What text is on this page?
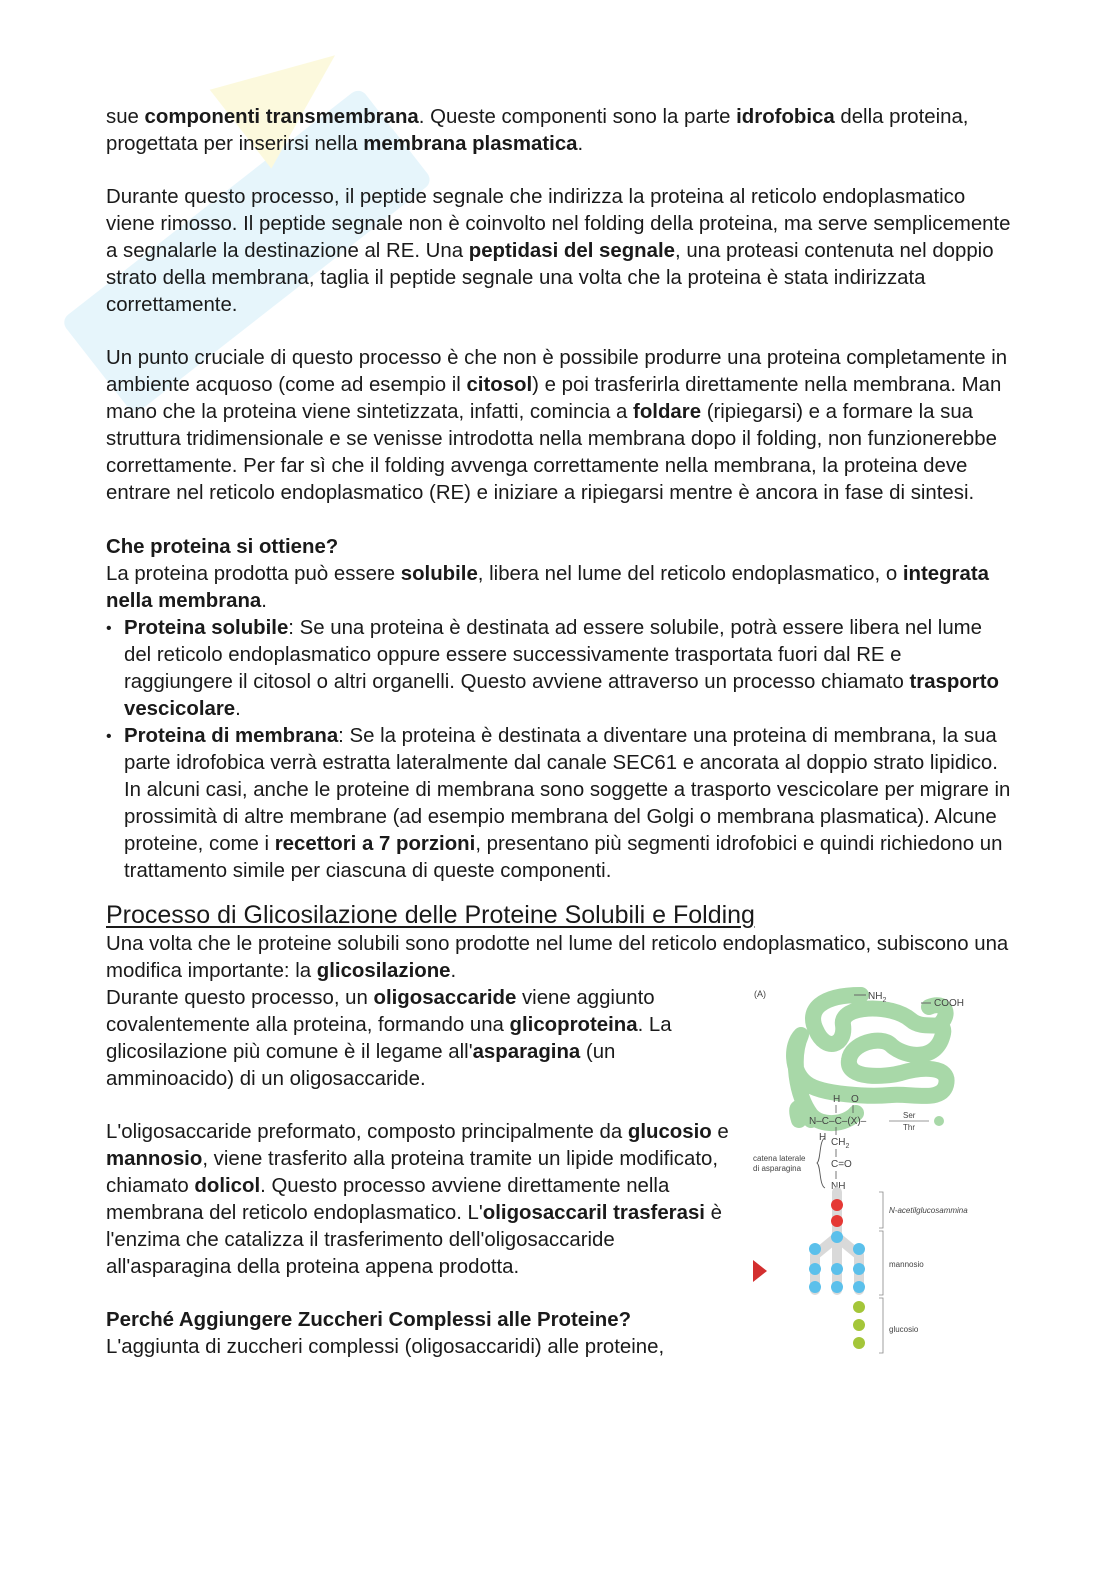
sue componenti transmembrana. Queste componenti sono la parte idrofobica della proteina, progettata per inserirsi nella membrana plasmatica.

Durante questo processo, il peptide segnale che indirizza la proteina al reticolo endoplasmatico viene rimosso. Il peptide segnale non è coinvolto nel folding della proteina, ma serve semplicemente a segnalarle la destinazione al RE. Una peptidasi del segnale, una proteasi contenuta nel doppio strato della membrana, taglia il peptide segnale una volta che la proteina è stata indirizzata correttamente.

Un punto cruciale di questo processo è che non è possibile produrre una proteina completamente in ambiente acquoso (come ad esempio il citosol) e poi trasferirla direttamente nella membrana. Man mano che la proteina viene sintetizzata, infatti, comincia a foldare (ripiegarsi) e a formare la sua struttura tridimensionale e se venisse introdotta nella membrana dopo il folding, non funzionerebbe correttamente. Per far sì che il folding avvenga correttamente nella membrana, la proteina deve entrare nel reticolo endoplasmatico (RE) e iniziare a ripiegarsi mentre è ancora in fase di sintesi.

Che proteina si ottiene?

La proteina prodotta può essere solubile, libera nel lume del reticolo endoplasmatico, o integrata nella membrana.

• Proteina solubile: Se una proteina è destinata ad essere solubile, potrà essere libera nel lume del reticolo endoplasmatico oppure essere successivamente trasportata fuori dal RE e raggiungere il citosol o altri organelli. Questo avviene attraverso un processo chiamato trasporto vescicolare.
• Proteina di membrana: Se la proteina è destinata a diventare una proteina di membrana, la sua parte idrofobica verrà estratta lateralmente dal canale SEC61 e ancorata al doppio strato lipidico. In alcuni casi, anche le proteine di membrana sono soggette a trasporto vescicolare per migrare in prossimità di altre membrane (ad esempio membrana del Golgi o membrana plasmatica). Alcune proteine, come i recettori a 7 porzioni, presentano più segmenti idrofobici e quindi richiedono un trattamento simile per ciascuna di queste componenti.
Processo di Glicosilazione delle Proteine Solubili e Folding

Una volta che le proteine solubili sono prodotte nel lume del reticolo endoplasmatico, subiscono una modifica importante: la glicosilazione.

Durante questo processo, un oligosaccaride viene aggiunto covalentemente alla proteina, formando una glicoproteina. La glicosilazione più comune è il legame all'asparagina (un amminoacido) di un oligosaccaride.

L'oligosaccaride preformato, composto principalmente da glucosio e mannosio, viene trasferito alla proteina tramite un lipide modificato, chiamato dolicol. Questo processo avviene direttamente nella membrana del reticolo endoplasmatico. L'oligosaccaril trasferasi è l'enzima che catalizza il trasferimento dell'oligosaccaride all'asparagina della proteina appena prodotta.

Perché Aggiungere Zuccheri Complessi alle Proteine?

L'aggiunta di zuccheri complessi (oligosaccaridi) alle proteine,

(A)	$NH_2$	COOH
H O
N–C–C–(X)–
Ser
Thr
H $CH_2$
C=O
NH
catena laterale
di asparagina
N-acetilglucosammina
mannosio
glucosio
